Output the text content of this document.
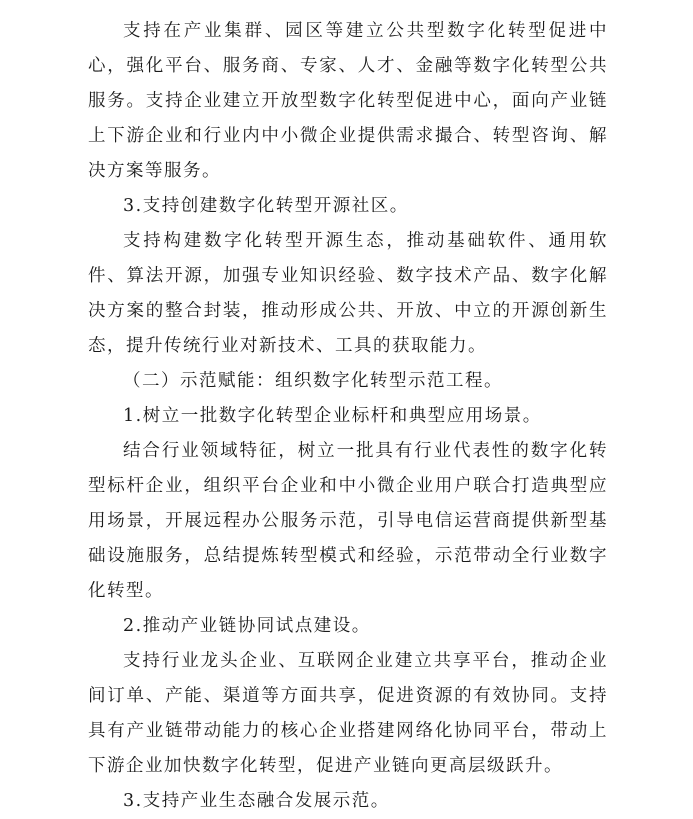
支持在产业集群、园区等建立公共型数字化转型促进中心，强化平台、服务商、专家、人才、金融等数字化转型公共服务。支持企业建立开放型数字化转型促进中心，面向产业链上下游企业和行业内中小微企业提供需求撮合、转型咨询、解决方案等服务。

3.支持创建数字化转型开源社区。

支持构建数字化转型开源生态，推动基础软件、通用软件、算法开源，加强专业知识经验、数字技术产品、数字化解决方案的整合封装，推动形成公共、开放、中立的开源创新生态，提升传统行业对新技术、工具的获取能力。

（二）示范赋能：组织数字化转型示范工程。

1.树立一批数字化转型企业标杆和典型应用场景。

结合行业领域特征，树立一批具有行业代表性的数字化转型标杆企业，组织平台企业和中小微企业用户联合打造典型应用场景，开展远程办公服务示范，引导电信运营商提供新型基础设施服务，总结提炼转型模式和经验，示范带动全行业数字化转型。

2.推动产业链协同试点建设。

支持行业龙头企业、互联网企业建立共享平台，推动企业间订单、产能、渠道等方面共享，促进资源的有效协同。支持具有产业链带动能力的核心企业搭建网络化协同平台，带动上下游企业加快数字化转型，促进产业链向更高层级跃升。

3.支持产业生态融合发展示范。
